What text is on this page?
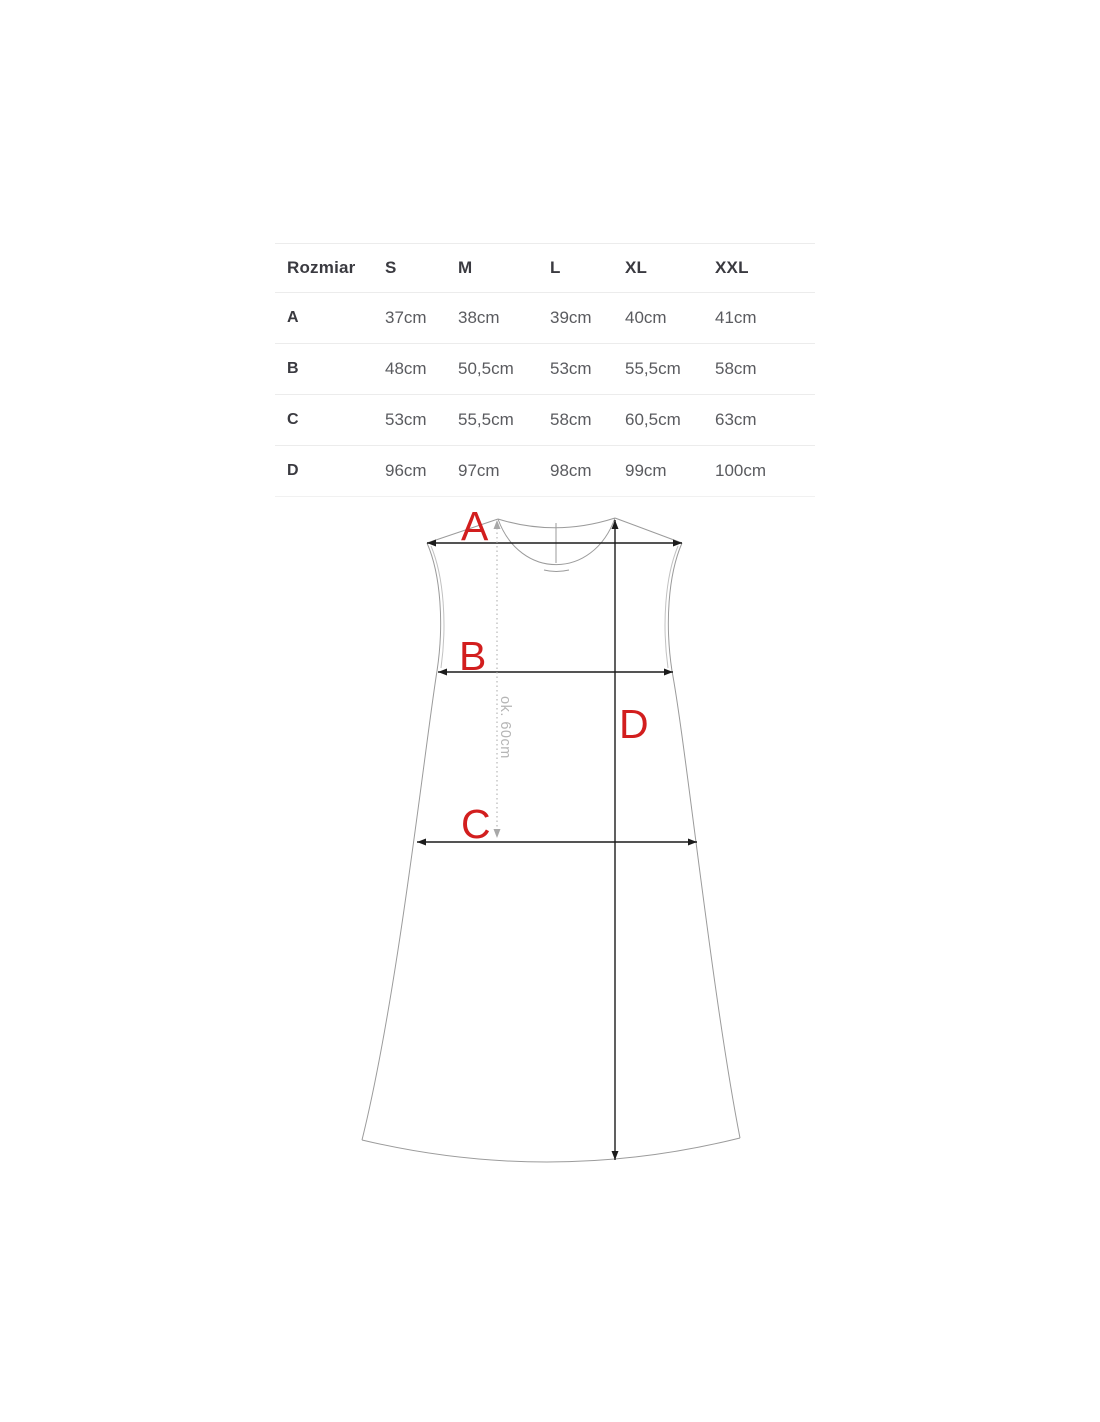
Rozmiar	S	M	L	XL	XXL
A	37cm	38cm	39cm	40cm	41cm
B	48cm	50,5cm	53cm	55,5cm	58cm
C	53cm	55,5cm	58cm	60,5cm	63cm
D	96cm	97cm	98cm	99cm	100cm
ok. 60cm
A
B
C
D
